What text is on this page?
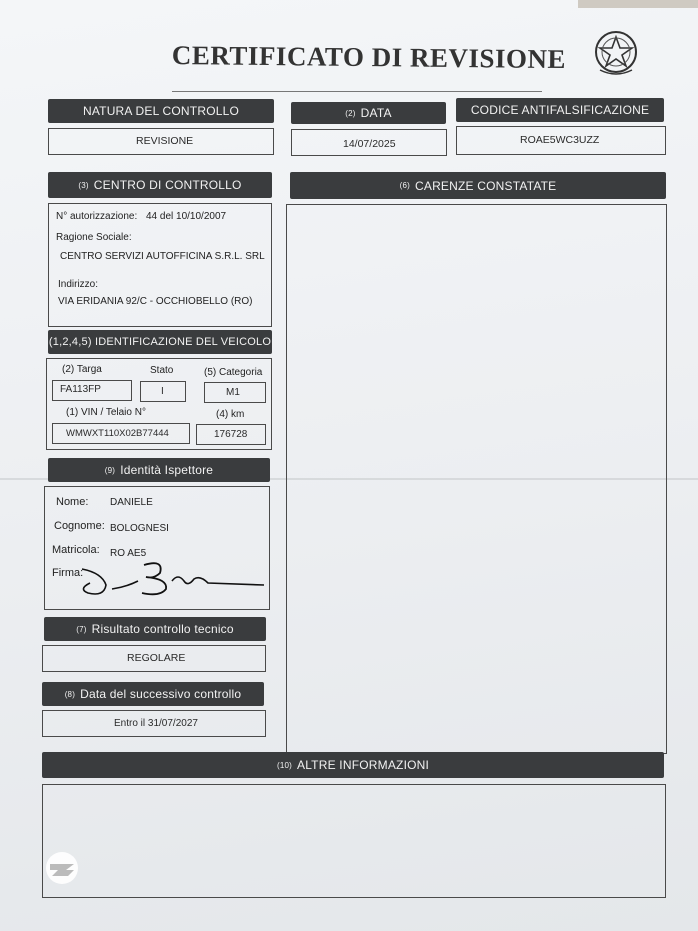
CERTIFICATO DI REVISIONE
NATURA DEL CONTROLLO
REVISIONE
(2) DATA
14/07/2025
CODICE ANTIFALSIFICAZIONE
ROAE5WC3UZZ
(3) CENTRO DI CONTROLLO
N° autorizzazione: 44 del 10/10/2007
Ragione Sociale:
CENTRO SERVIZI AUTOFFICINA S.R.L. SRL
Indirizzo:
VIA ERIDANIA 92/C - OCCHIOBELLO (RO)
(6) CARENZE CONSTATATE
(1,2,4,5) IDENTIFICAZIONE DEL VEICOLO
(2) Targa	Stato	(5) Categoria
FA113FP	I	M1
(1) VIN / Telaio N°	(4) km
WMWXT110X02B77444	176728
(9) Identità Ispettore
Nome: DANIELE
Cognome: BOLOGNESI
Matricola: RO AE5
Firma:
(7) Risultato controllo tecnico
REGOLARE
(8) Data del successivo controllo
Entro il 31/07/2027
(10) ALTRE INFORMAZIONI
